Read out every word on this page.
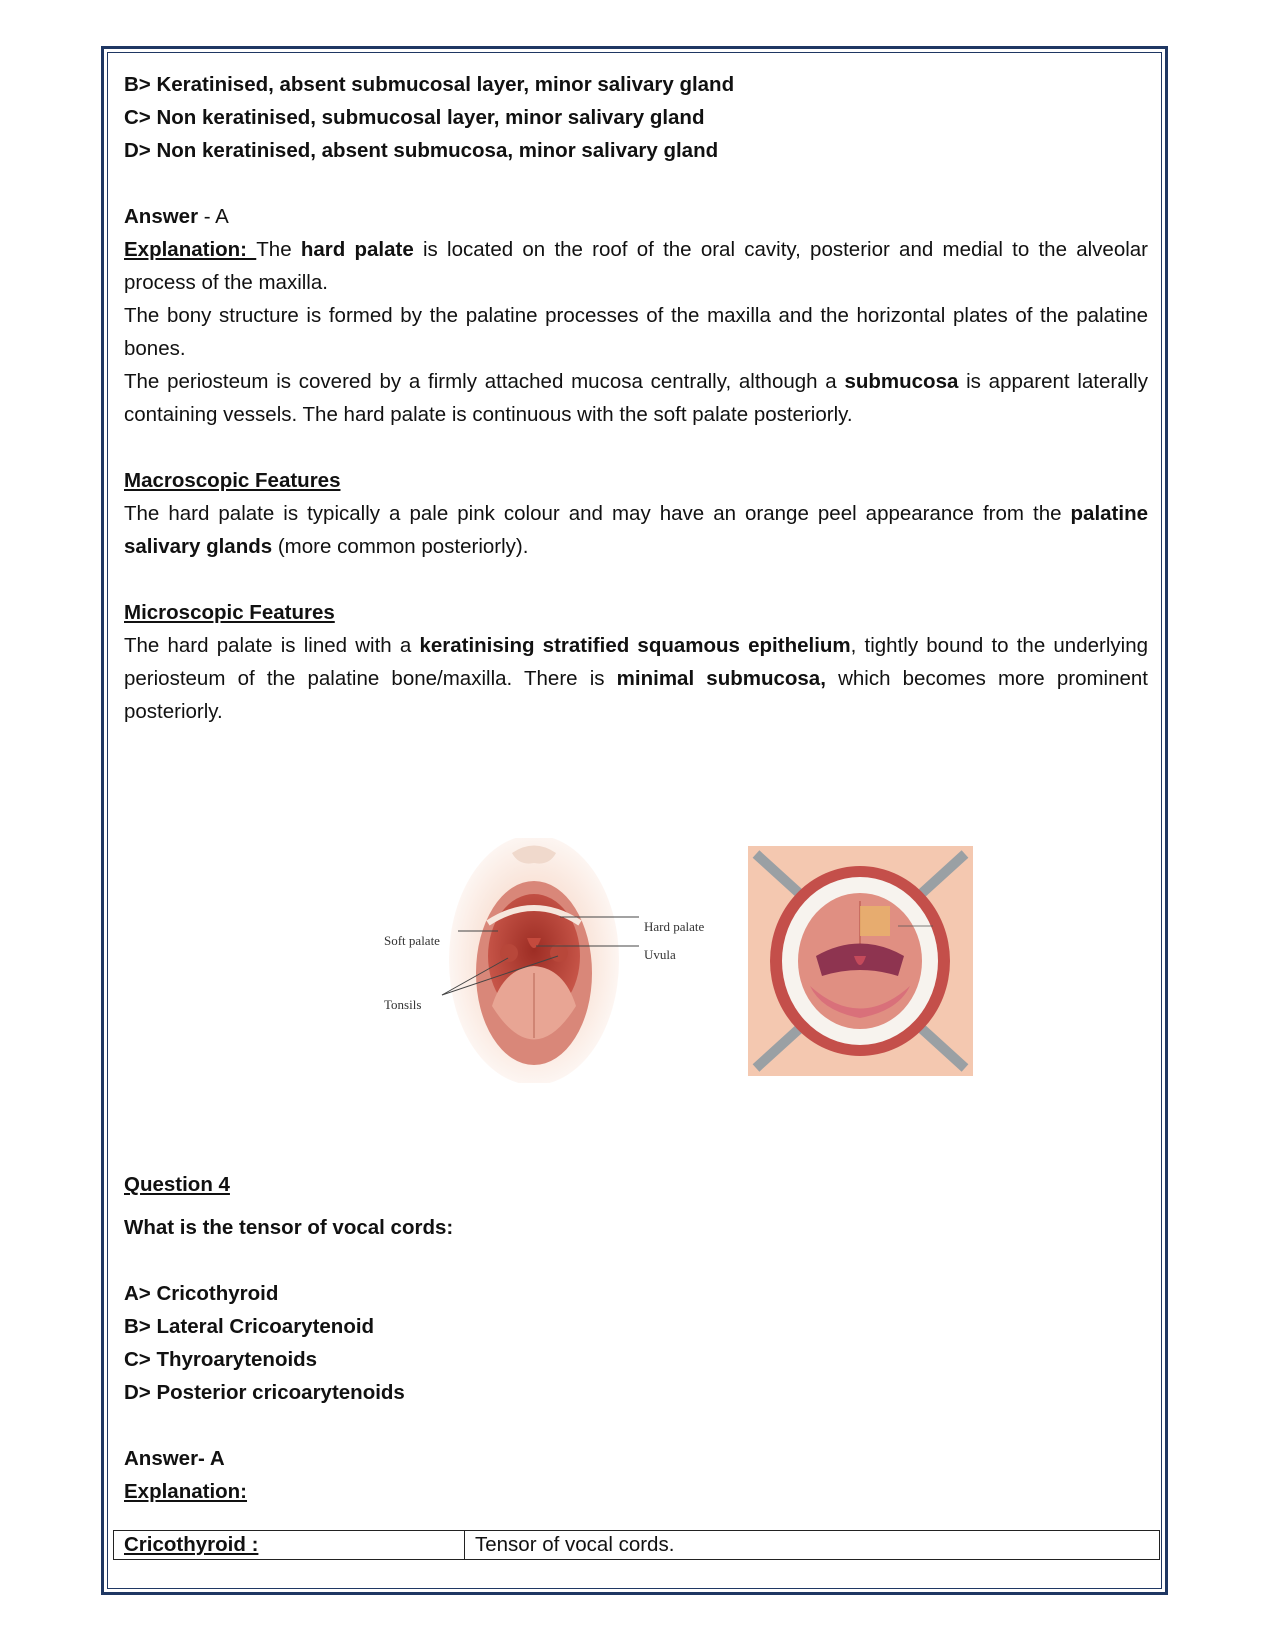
B> Keratinised, absent submucosal layer, minor salivary gland

C> Non keratinised, submucosal layer, minor salivary gland

D> Non keratinised, absent submucosa, minor salivary gland

Answer - A

Explanation: The hard palate is located on the roof of the oral cavity, posterior and medial to the alveolar process of the maxilla.

The bony structure is formed by the palatine processes of the maxilla and the horizontal plates of the palatine bones.

The periosteum is covered by a firmly attached mucosa centrally, although a submucosa is apparent laterally containing vessels. The hard palate is continuous with the soft palate posteriorly.

Macroscopic Features

The hard palate is typically a pale pink colour and may have an orange peel appearance from the palatine salivary glands (more common posteriorly).

Microscopic Features

The hard palate is lined with a keratinising stratified squamous epithelium, tightly bound to the underlying periosteum of the palatine bone/maxilla. There is minimal submucosa, which becomes more prominent posteriorly.

Soft palate
Tonsils
Hard palate
Uvula

Question 4

What is the tensor of vocal cords:

A> Cricothyroid

B> Lateral Cricoarytenoid

C> Thyroarytenoids

D> Posterior cricoarytenoids

Answer- A

Explanation:

Cricothyroid :	Tensor of vocal cords.
